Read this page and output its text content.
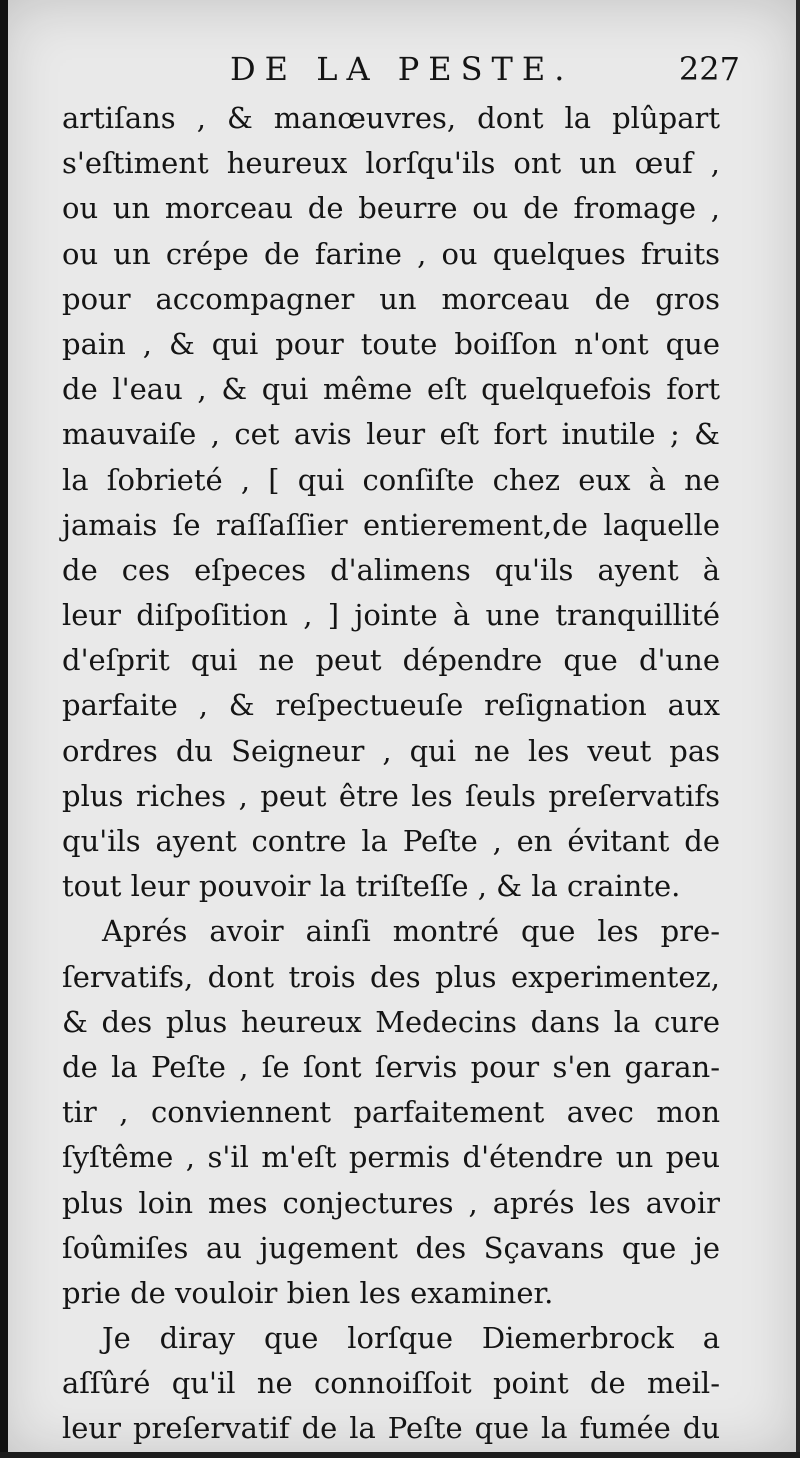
DE LA PESTE.	227
artiſans , & manœuvres, dont la plûpart
s'eſtiment heureux lorſqu'ils ont un œuf ,
ou un morceau de beurre ou de fromage ,
ou un crépe de farine , ou quelques fruits
pour accompagner un morceau de gros
pain , & qui pour toute boiſſon n'ont que
de l'eau , & qui même eſt quelquefois fort
mauvaiſe , cet avis leur eſt fort inutile ; &
la ſobrieté , [ qui conſiſte chez eux à ne
jamais ſe raſſaſſier entierement,de laquelle
de ces eſpeces d'alimens qu'ils ayent à
leur diſpoſition , ] jointe à une tranquillité
d'eſprit qui ne peut dépendre que d'une
parfaite , & reſpectueuſe reſignation aux
ordres du Seigneur , qui ne les veut pas
plus riches , peut être les ſeuls preſervatifs
qu'ils ayent contre la Peſte , en évitant de
tout leur pouvoir la triſteſſe , & la crainte.
Aprés avoir ainſi montré que les pre-
ſervatifs, dont trois des plus experimentez,
& des plus heureux Medecins dans la cure
de la Peſte , ſe ſont ſervis pour s'en garan-
tir , conviennent parfaitement avec mon
ſyſtême , s'il m'eſt permis d'étendre un peu
plus loin mes conjectures , aprés les avoir
ſoûmiſes au jugement des Sçavans que je
prie de vouloir bien les examiner.
Je diray que lorſque Diemerbrock a
aſſûré qu'il ne connoiſſoit point de meil-
leur preſervatif de la Peſte que la fumée du
